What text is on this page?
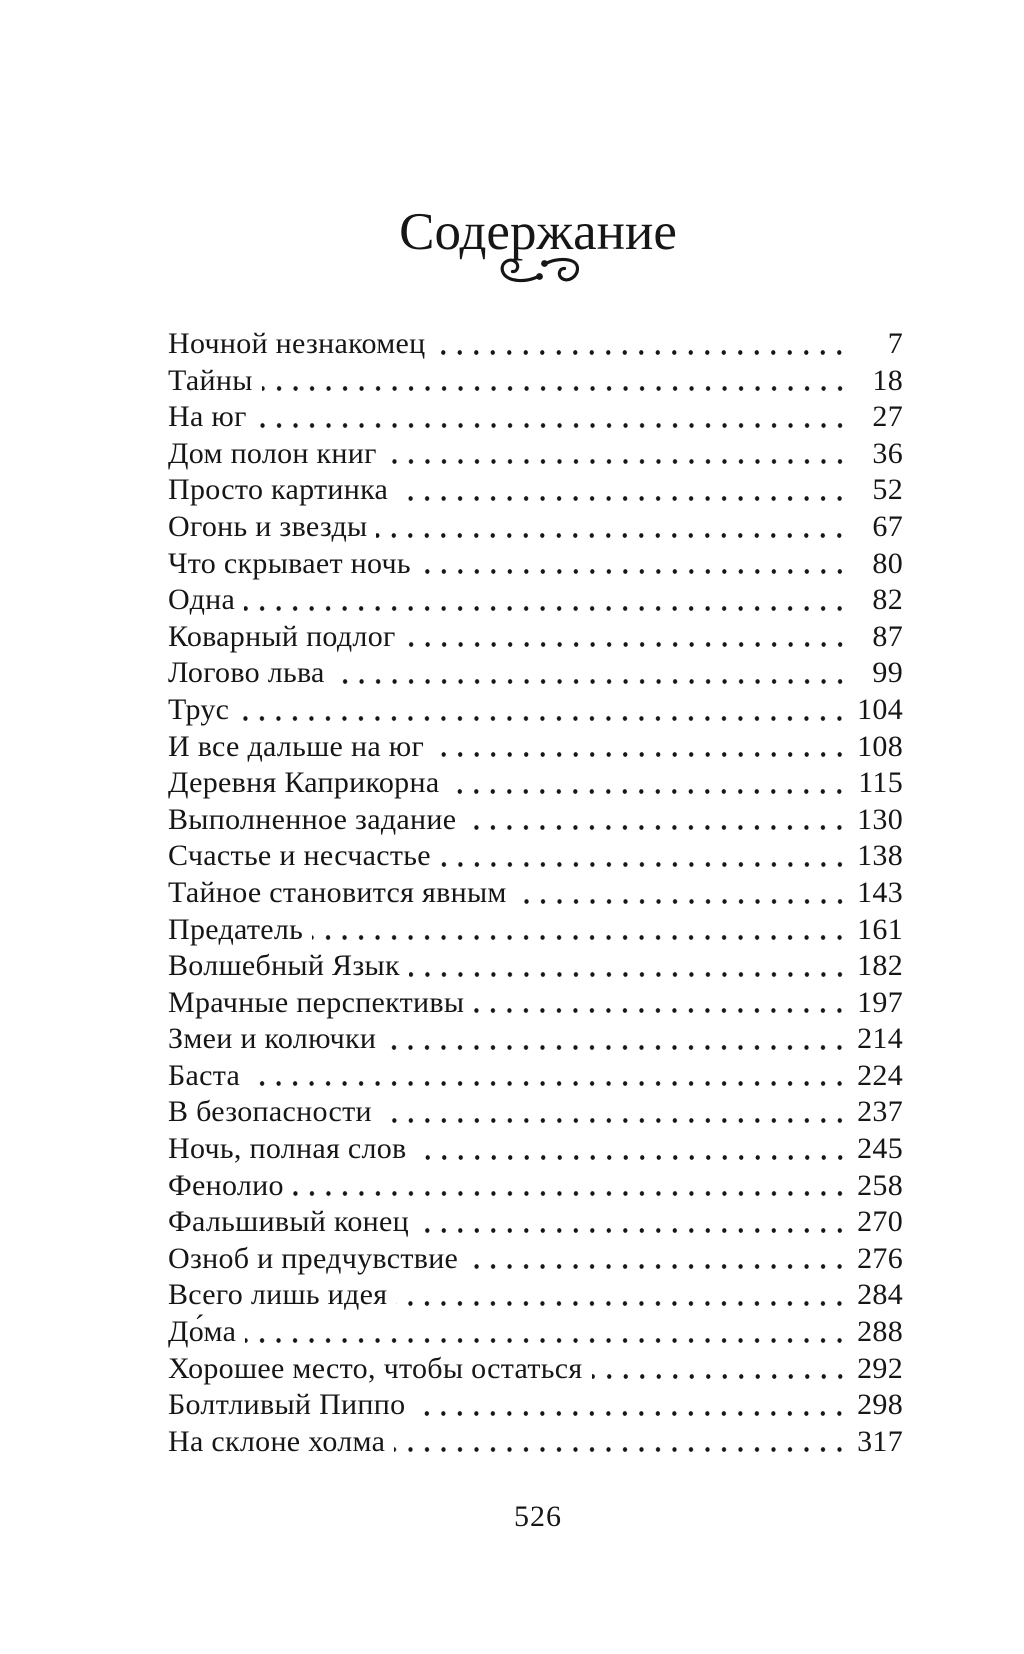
Содержание
Ночной незнакомец	7
Тайны	18
На юг	27
Дом полон книг	36
Просто картинка	52
Огонь и звезды	67
Что скрывает ночь	80
Одна	82
Коварный подлог	87
Логово льва	99
Трус	104
И все дальше на юг	108
Деревня Каприкорна	115
Выполненное задание	130
Счастье и несчастье	138
Тайное становится явным	143
Предатель	161
Волшебный Язык	182
Мрачные перспективы	197
Змеи и колючки	214
Баста	224
В безопасности	237
Ночь, полная слов	245
Фенолио	258
Фальшивый конец	270
Озноб и предчувствие	276
Всего лишь идея	284
До́ма	288
Хорошее место, чтобы остаться	292
Болтливый Пиппо	298
На склоне холма	317
526
